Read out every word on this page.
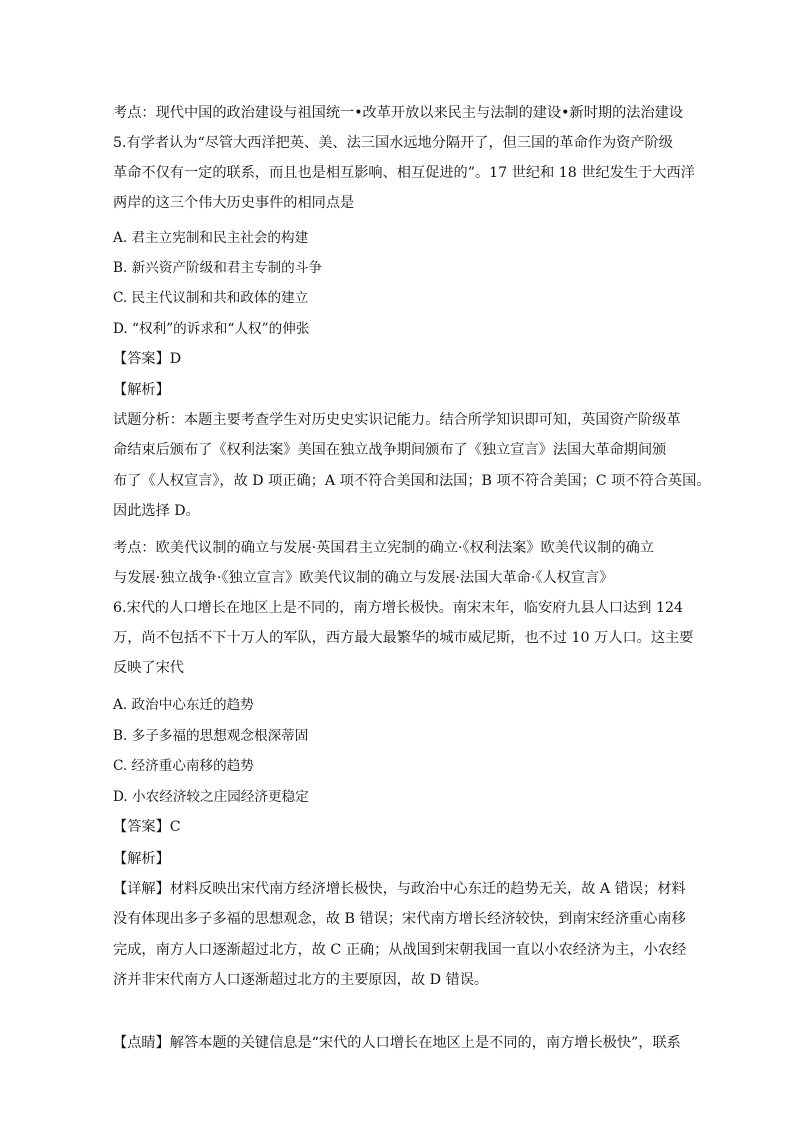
考点：现代中国的政治建设与祖国统一•改革开放以来民主与法制的建设•新时期的法治建设
5.有学者认为“尽管大西洋把英、美、法三国水远地分隔开了，但三国的革命作为资产阶级
革命不仅有一定的联系，而且也是相互影响、相互促进的”。17 世纪和 18 世纪发生于大西洋
两岸的这三个伟大历史事件的相同点是
A. 君主立宪制和民主社会的构建
B. 新兴资产阶级和君主专制的斗争
C. 民主代议制和共和政体的建立
D. “权利”的诉求和“人权”的伸张
【答案】D
【解析】
试题分析：本题主要考查学生对历史史实识记能力。结合所学知识即可知，英国资产阶级革
命结束后颁布了《权利法案》美国在独立战争期间颁布了《独立宣言》法国大革命期间颁
布了《人权宣言》，故 D 项正确；A 项不符合美国和法国；B 项不符合美国；C 项不符合英国。
因此选择 D。
考点：欧美代议制的确立与发展·英国君主立宪制的确立·《权利法案》欧美代议制的确立
与发展·独立战争·《独立宣言》欧美代议制的确立与发展·法国大革命·《人权宣言》
6.宋代的人口增长在地区上是不同的，南方增长极快。南宋末年，临安府九县人口达到 124
万，尚不包括不下十万人的军队，西方最大最繁华的城市威尼斯，也不过 10 万人口。这主要
反映了宋代
A. 政治中心东迁的趋势
B. 多子多福的思想观念根深蒂固
C. 经济重心南移的趋势
D. 小农经济较之庄园经济更稳定
【答案】C
【解析】
【详解】材料反映出宋代南方经济增长极快，与政治中心东迁的趋势无关，故 A 错误；材料
没有体现出多子多福的思想观念，故 B 错误；宋代南方增长经济较快，到南宋经济重心南移
完成，南方人口逐渐超过北方，故 C 正确；从战国到宋朝我国一直以小农经济为主，小农经
济并非宋代南方人口逐渐超过北方的主要原因，故 D 错误。
【点睛】解答本题的关键信息是“宋代的人口增长在地区上是不同的，南方增长极快”，联系
